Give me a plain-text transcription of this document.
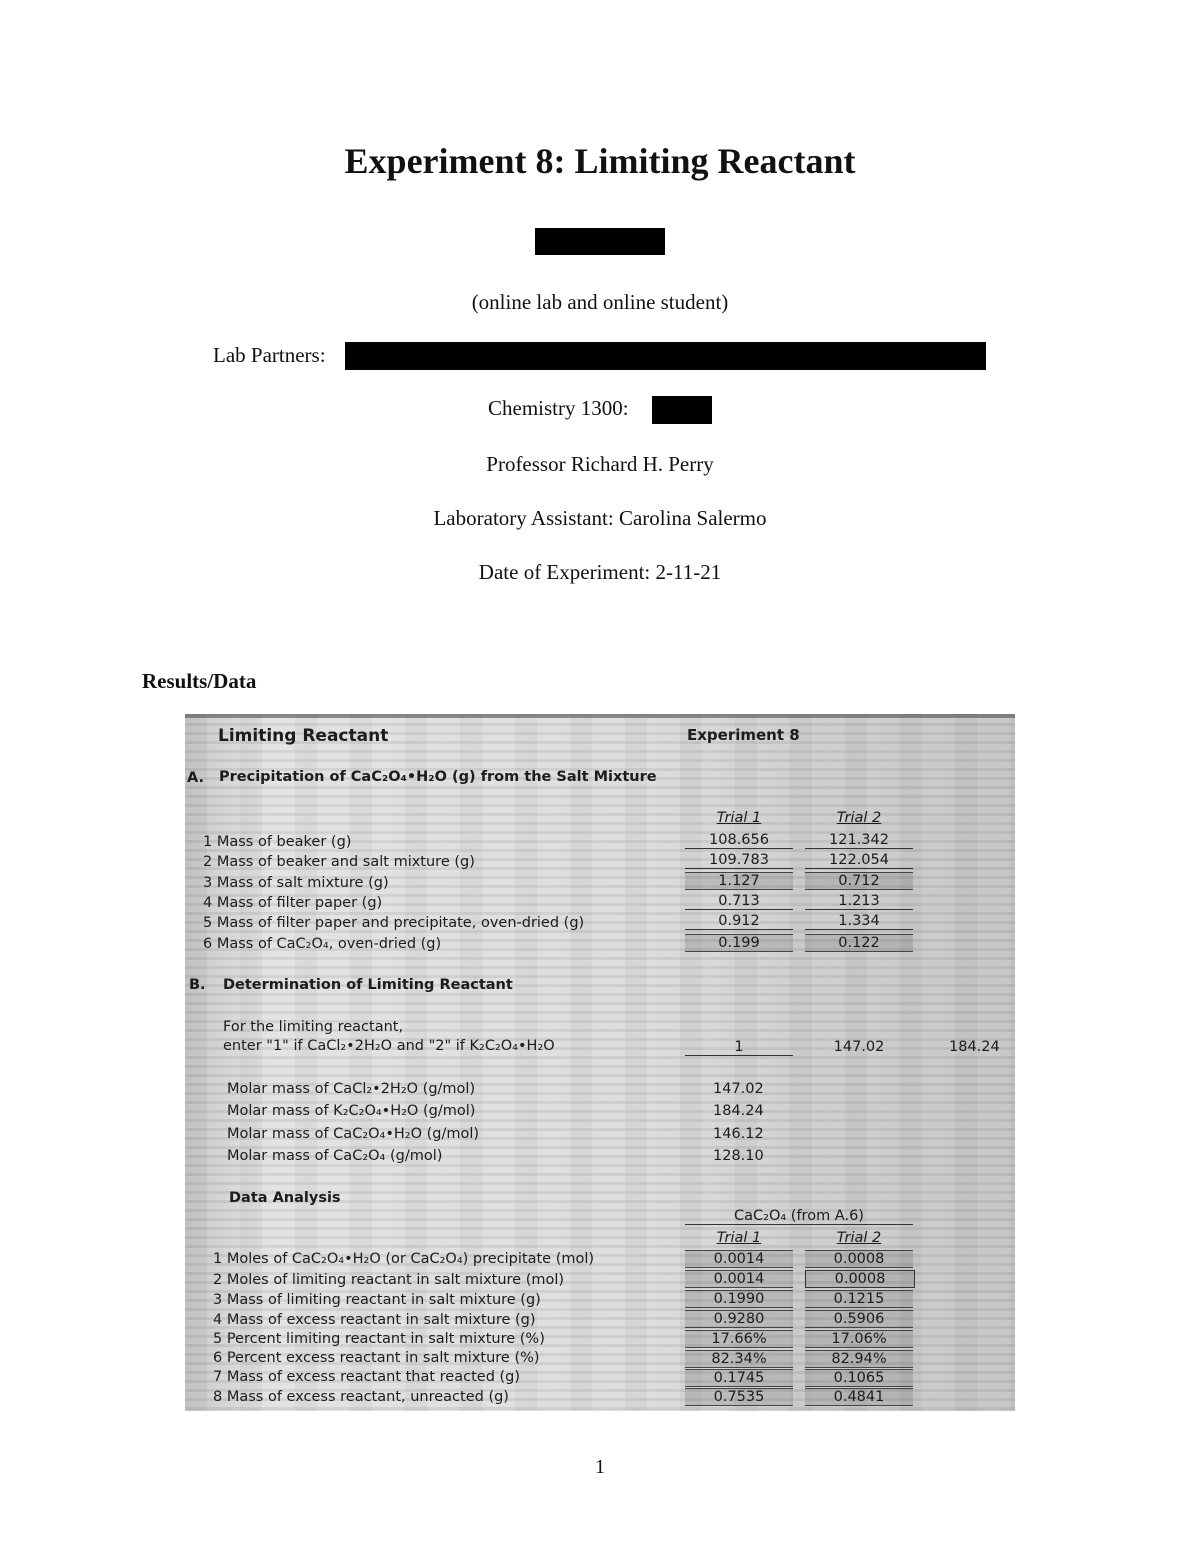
Experiment 8: Limiting Reactant
(online lab and online student)
Lab Partners:
Chemistry 1300:
Professor Richard H. Perry
Laboratory Assistant: Carolina Salermo
Date of Experiment: 2-11-21
Results/Data
Limiting Reactant	Experiment 8
A. Precipitation of CaC₂O₄•H₂O (g) from the Salt Mixture
Trial 1	Trial 2
1 Mass of beaker (g)	108.656	121.342
2 Mass of beaker and salt mixture (g)	109.783	122.054
3 Mass of salt mixture (g)	1.127	0.712
4 Mass of filter paper (g)	0.713	1.213
5 Mass of filter paper and precipitate, oven-dried (g)	0.912	1.334
6 Mass of CaC₂O₄, oven-dried (g)	0.199	0.122
B. Determination of Limiting Reactant
For the limiting reactant,
enter "1" if CaCl₂•2H₂O and "2" if K₂C₂O₄•H₂O	1	147.02	184.24
Molar mass of CaCl₂•2H₂O (g/mol)	147.02
Molar mass of K₂C₂O₄•H₂O (g/mol)	184.24
Molar mass of CaC₂O₄•H₂O (g/mol)	146.12
Molar mass of CaC₂O₄ (g/mol)	128.10
Data Analysis
CaC₂O₄ (from A.6)
Trial 1	Trial 2
1 Moles of CaC₂O₄•H₂O (or CaC₂O₄) precipitate (mol)	0.0014	0.0008
2 Moles of limiting reactant in salt mixture (mol)	0.0014	0.0008
3 Mass of limiting reactant in salt mixture (g)	0.1990	0.1215
4 Mass of excess reactant in salt mixture (g)	0.9280	0.5906
5 Percent limiting reactant in salt mixture (%)	17.66%	17.06%
6 Percent excess reactant in salt mixture (%)	82.34%	82.94%
7 Mass of excess reactant that reacted (g)	0.1745	0.1065
8 Mass of excess reactant, unreacted (g)	0.7535	0.4841
1
